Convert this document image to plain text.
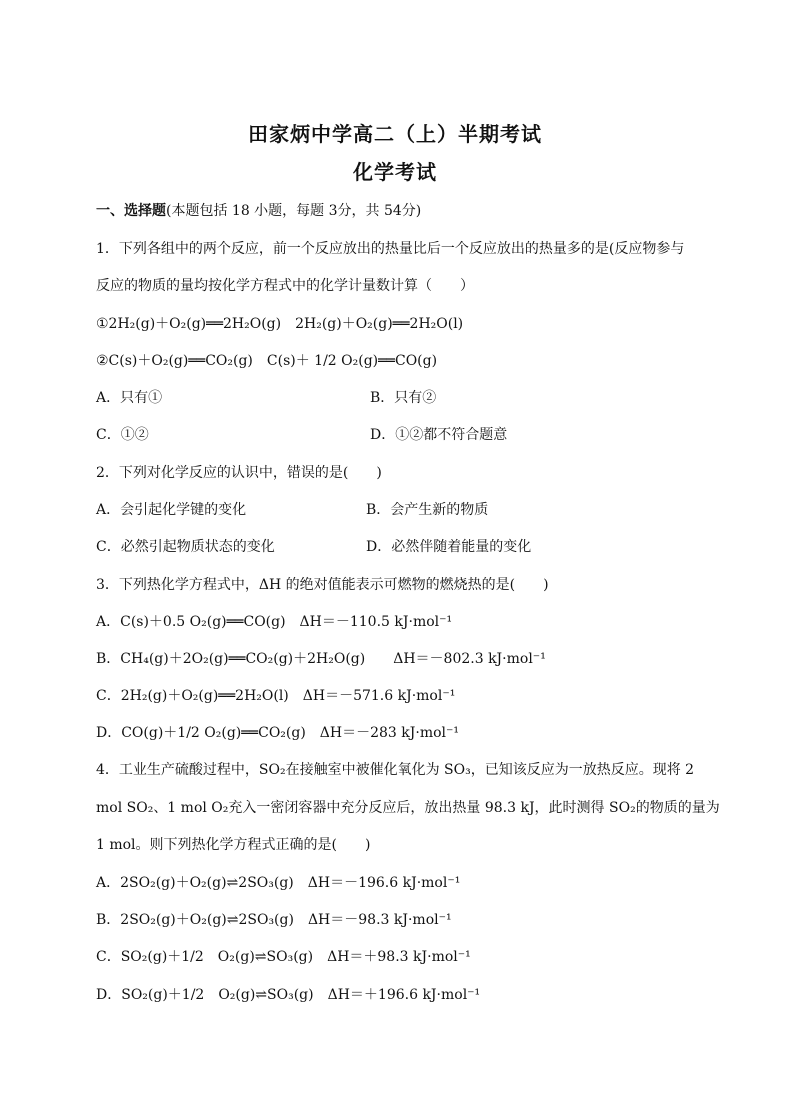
田家炳中学高二（上）半期考试
化学考试
一、选择题(本题包括 18 小题，每题 3分，共 54分)
1．下列各组中的两个反应，前一个反应放出的热量比后一个反应放出的热量多的是(反应物参与
反应的物质的量均按化学方程式中的化学计量数计算（　　）
①2H₂(g)＋O₂(g)══2H₂O(g)　2H₂(g)＋O₂(g)══2H₂O(l)
②C(s)＋O₂(g)══CO₂(g)　C(s)＋ 1/2 O₂(g)══CO(g)
A．只有①	B．只有②
C．①②	D．①②都不符合题意
2．下列对化学反应的认识中，错误的是(　　)
A．会引起化学键的变化	B．会产生新的物质
C．必然引起物质状态的变化	D．必然伴随着能量的变化
3．下列热化学方程式中，ΔH 的绝对值能表示可燃物的燃烧热的是(　　)
A．C(s)＋0.5 O₂(g)══CO(g)　ΔH＝－110.5 kJ·mol⁻¹
B．CH₄(g)＋2O₂(g)══CO₂(g)＋2H₂O(g)　　ΔH＝－802.3 kJ·mol⁻¹
C．2H₂(g)＋O₂(g)══2H₂O(l)　ΔH＝－571.6 kJ·mol⁻¹
D．CO(g)＋1/2 O₂(g)══CO₂(g)　ΔH＝－283 kJ·mol⁻¹
4．工业生产硫酸过程中，SO₂在接触室中被催化氧化为 SO₃，已知该反应为一放热反应。现将 2
mol SO₂、1 mol O₂充入一密闭容器中充分反应后，放出热量 98.3 kJ，此时测得 SO₂的物质的量为
1 mol。则下列热化学方程式正确的是(　　)
A．2SO₂(g)＋O₂(g)⇌2SO₃(g)　ΔH＝－196.6 kJ·mol⁻¹
B．2SO₂(g)＋O₂(g)⇌2SO₃(g)　ΔH＝－98.3 kJ·mol⁻¹
C．SO₂(g)＋1/2　O₂(g)⇌SO₃(g)　ΔH＝＋98.3 kJ·mol⁻¹
D．SO₂(g)＋1/2　O₂(g)⇌SO₃(g)　ΔH＝＋196.6 kJ·mol⁻¹
